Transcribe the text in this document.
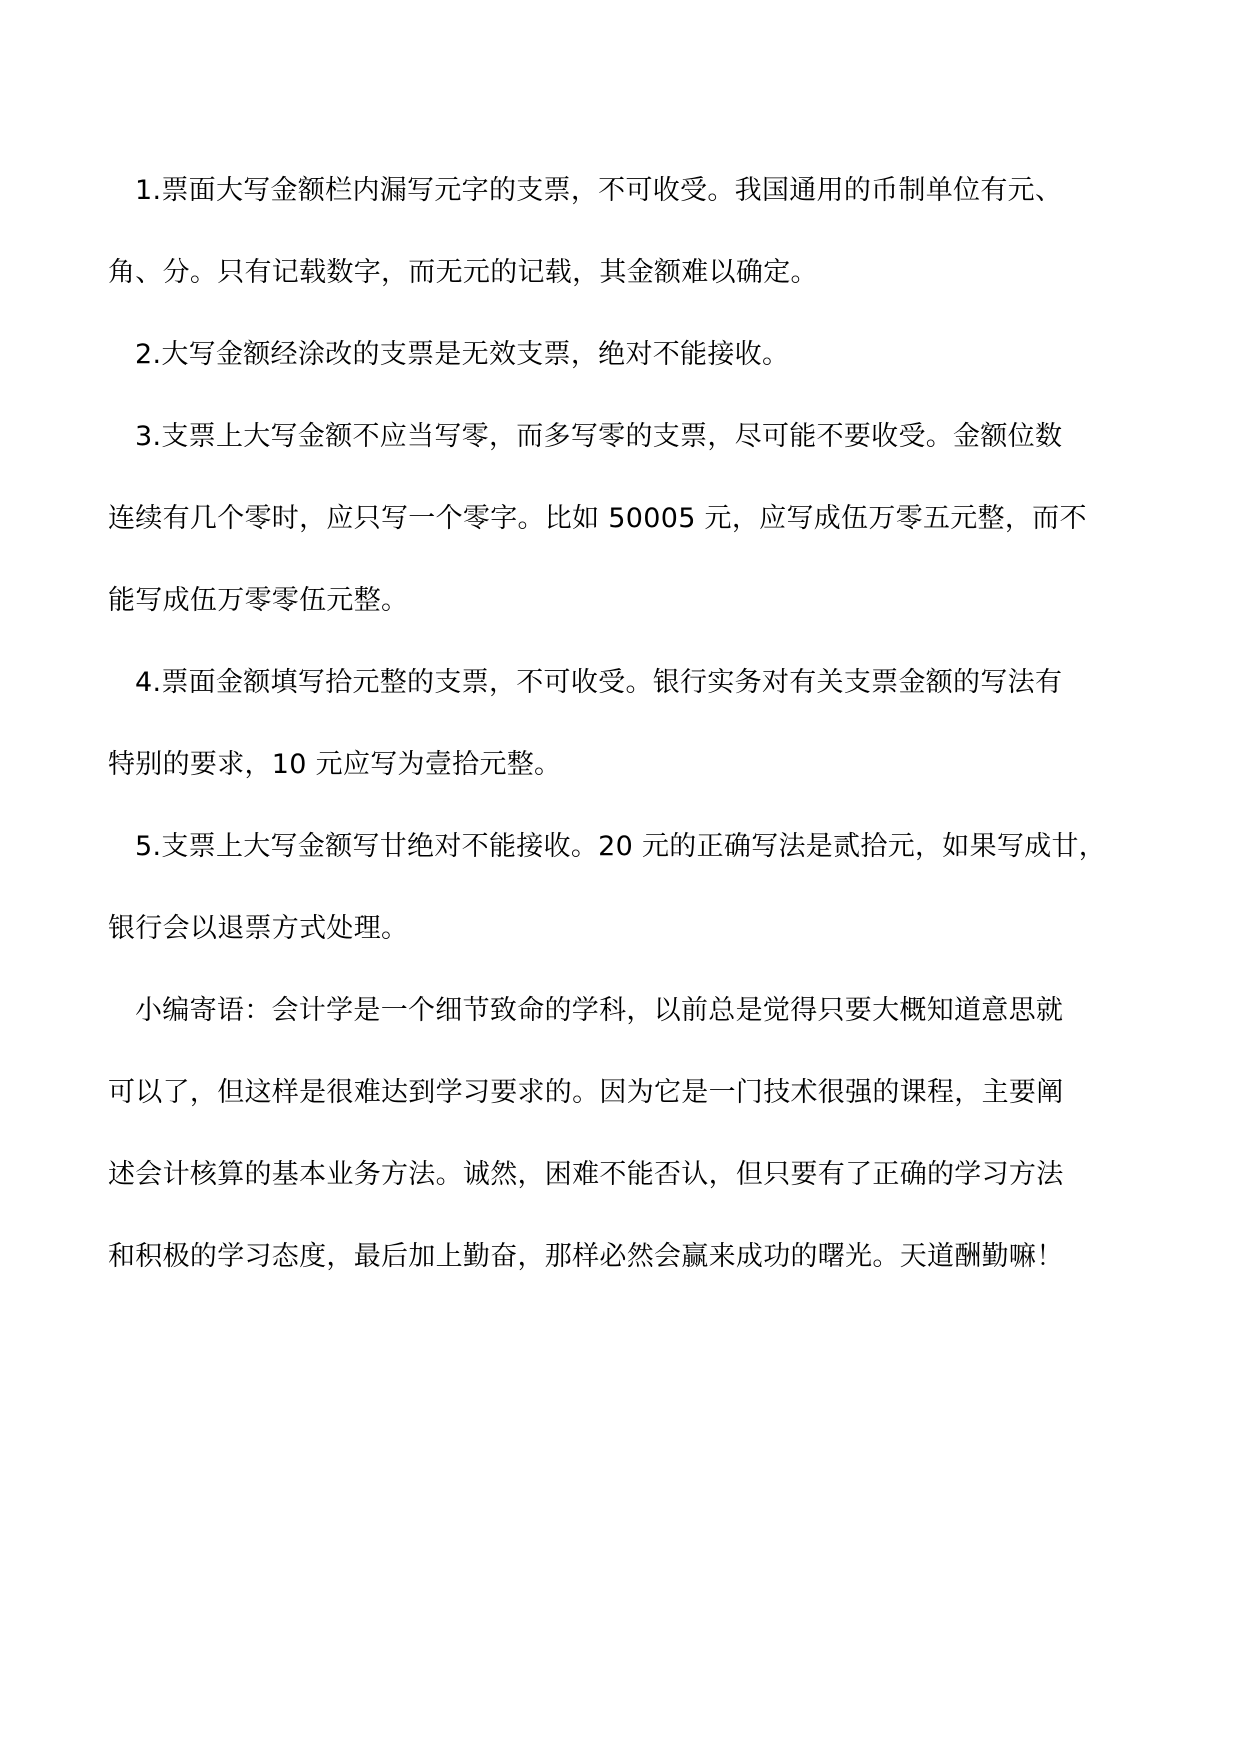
1.票面大写金额栏内漏写元字的支票，不可收受。我国通用的币制单位有元、
角、分。只有记载数字，而无元的记载，其金额难以确定。

2.大写金额经涂改的支票是无效支票，绝对不能接收。

3.支票上大写金额不应当写零，而多写零的支票，尽可能不要收受。金额位数
连续有几个零时，应只写一个零字。比如 50005 元，应写成伍万零五元整，而不
能写成伍万零零伍元整。

4.票面金额填写拾元整的支票，不可收受。银行实务对有关支票金额的写法有
特别的要求，10 元应写为壹拾元整。

5.支票上大写金额写廿绝对不能接收。20 元的正确写法是贰拾元，如果写成廿，
银行会以退票方式处理。

小编寄语：会计学是一个细节致命的学科，以前总是觉得只要大概知道意思就
可以了，但这样是很难达到学习要求的。因为它是一门技术很强的课程，主要阐
述会计核算的基本业务方法。诚然，困难不能否认，但只要有了正确的学习方法
和积极的学习态度，最后加上勤奋，那样必然会赢来成功的曙光。天道酬勤嘛！
